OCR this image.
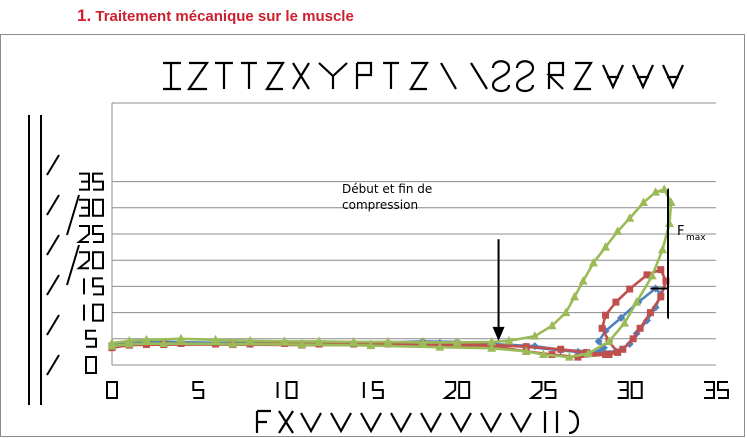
1. Traitement mécanique sur le muscle
Début et fin de
compression
F max
